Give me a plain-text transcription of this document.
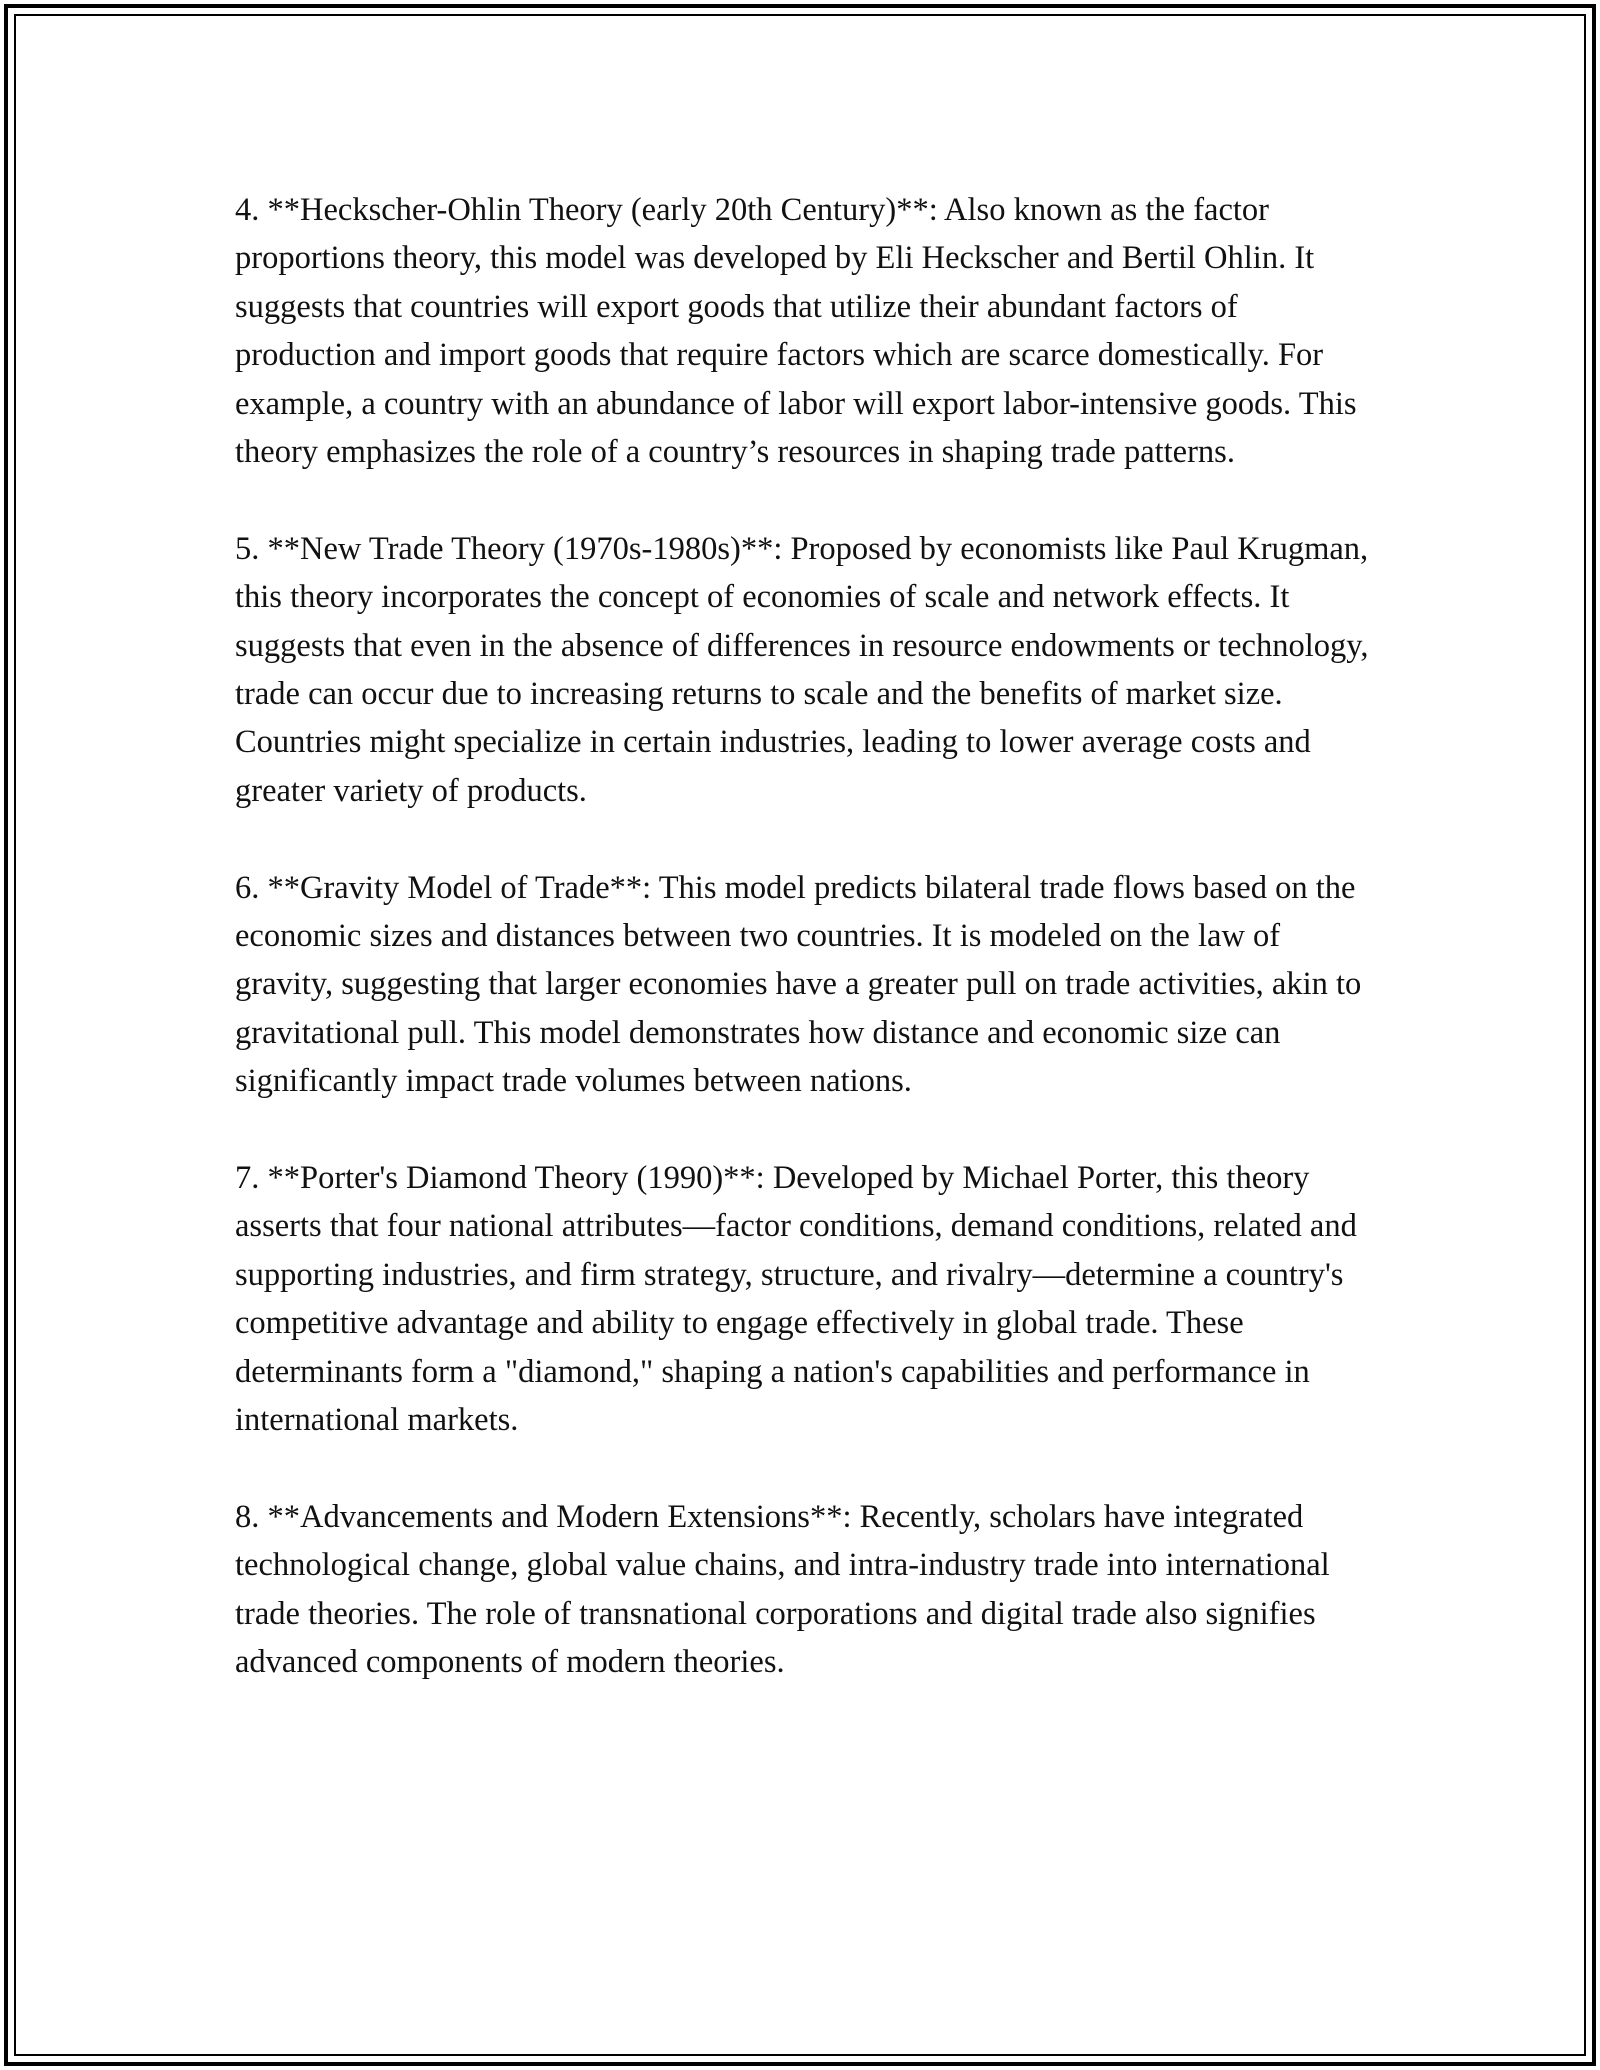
4. **Heckscher-Ohlin Theory (early 20th Century)**: Also known as the factor proportions theory, this model was developed by Eli Heckscher and Bertil Ohlin. It suggests that countries will export goods that utilize their abundant factors of production and import goods that require factors which are scarce domestically. For example, a country with an abundance of labor will export labor-intensive goods. This theory emphasizes the role of a country’s resources in shaping trade patterns.

5. **New Trade Theory (1970s-1980s)**: Proposed by economists like Paul Krugman, this theory incorporates the concept of economies of scale and network effects. It suggests that even in the absence of differences in resource endowments or technology, trade can occur due to increasing returns to scale and the benefits of market size. Countries might specialize in certain industries, leading to lower average costs and greater variety of products.

6. **Gravity Model of Trade**: This model predicts bilateral trade flows based on the economic sizes and distances between two countries. It is modeled on the law of gravity, suggesting that larger economies have a greater pull on trade activities, akin to gravitational pull. This model demonstrates how distance and economic size can significantly impact trade volumes between nations.

7. **Porter's Diamond Theory (1990)**: Developed by Michael Porter, this theory asserts that four national attributes—factor conditions, demand conditions, related and supporting industries, and firm strategy, structure, and rivalry—determine a country's competitive advantage and ability to engage effectively in global trade. These determinants form a "diamond," shaping a nation's capabilities and performance in international markets.

8. **Advancements and Modern Extensions**: Recently, scholars have integrated technological change, global value chains, and intra-industry trade into international trade theories. The role of transnational corporations and digital trade also signifies advanced components of modern theories.
